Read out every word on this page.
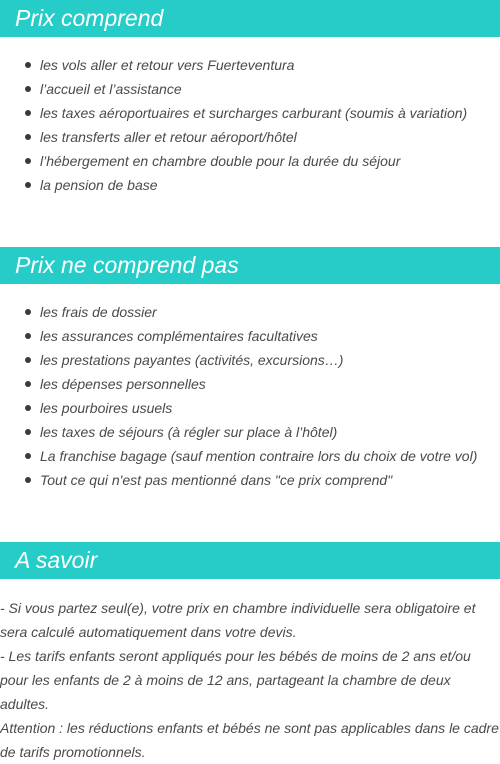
Prix comprend
les vols aller et retour vers Fuerteventura
l’accueil et l’assistance
les taxes aéroportuaires et surcharges carburant (soumis à variation)
les transferts aller et retour aéroport/hôtel
l’hébergement en chambre double pour la durée du séjour
la pension de base
Prix ne comprend pas
les frais de dossier
les assurances complémentaires facultatives
les prestations payantes (activités, excursions…)
les dépenses personnelles
les pourboires usuels
les taxes de séjours (à régler sur place à l’hôtel)
La franchise bagage (sauf mention contraire lors du choix de votre vol)
Tout ce qui n'est pas mentionné dans "ce prix comprend"
A savoir

- Si vous partez seul(e), votre prix en chambre individuelle sera obligatoire et sera calculé automatiquement dans votre devis.

- Les tarifs enfants seront appliqués pour les bébés de moins de 2 ans et/ou pour les enfants de 2 à moins de 12 ans, partageant la chambre de deux adultes.

Attention : les réductions enfants et bébés ne sont pas applicables dans le cadre de tarifs promotionnels.
